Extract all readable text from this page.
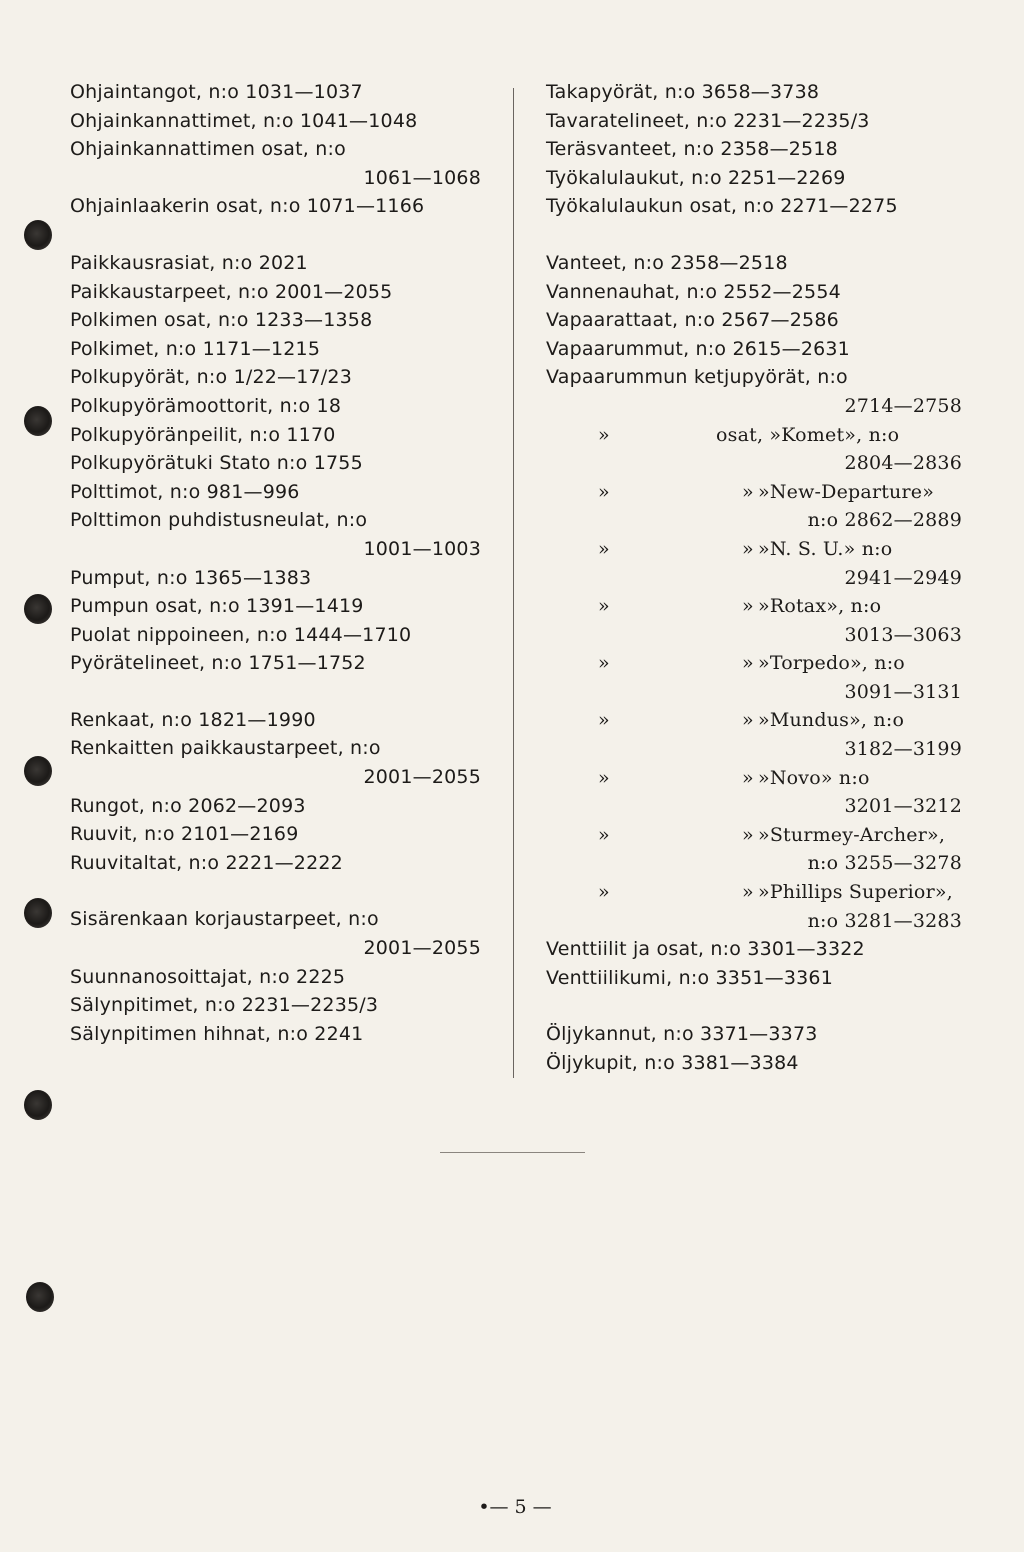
Ohjaintangot, n:o 1031—1037
Ohjainkannattimet, n:o 1041—1048
Ohjainkannattimen osat, n:o
1061—1068
Ohjainlaakerin osat, n:o 1071—1166
Paikkausrasiat, n:o 2021
Paikkaustarpeet, n:o 2001—2055
Polkimen osat, n:o 1233—1358
Polkimet, n:o 1171—1215
Polkupyörät, n:o 1/22—17/23
Polkupyörämoottorit, n:o 18
Polkupyöränpeilit, n:o 1170
Polkupyörätuki Stato n:o 1755
Polttimot, n:o 981—996
Polttimon puhdistusneulat, n:o
1001—1003
Pumput, n:o 1365—1383
Pumpun osat, n:o 1391—1419
Puolat nippoineen, n:o 1444—1710
Pyörätelineet, n:o 1751—1752
Renkaat, n:o 1821—1990
Renkaitten paikkaustarpeet, n:o
2001—2055
Rungot, n:o 2062—2093
Ruuvit, n:o 2101—2169
Ruuvitaltat, n:o 2221—2222
Sisärenkaan korjaustarpeet, n:o
2001—2055
Suunnanosoittajat, n:o 2225
Sälynpitimet, n:o 2231—2235/3
Sälynpitimen hihnat, n:o 2241
Takapyörät, n:o 3658—3738
Tavaratelineet, n:o 2231—2235/3
Teräsvanteet, n:o 2358—2518
Työkalulaukut, n:o 2251—2269
Työkalulaukun osat, n:o 2271—2275
Vanteet, n:o 2358—2518
Vannenauhat, n:o 2552—2554
Vapaarattaat, n:o 2567—2586
Vapaarummut, n:o 2615—2631
Vapaarummun ketjupyörät, n:o
2714—2758
»	osat, »Komet», n:o
2804—2836
»	» »New-Departure»
n:o 2862—2889
»	» »N. S. U.» n:o
2941—2949
»	» »Rotax», n:o
3013—3063
»	» »Torpedo», n:o
3091—3131
»	» »Mundus», n:o
3182—3199
»	» »Novo» n:o
3201—3212
»	» »Sturmey-Archer»,
n:o 3255—3278
»	» »Phillips Superior»,
n:o 3281—3283
Venttiilit ja osat, n:o 3301—3322
Venttiilikumi, n:o 3351—3361
Öljykannut, n:o 3371—3373
Öljykupit, n:o 3381—3384
•— 5 —
